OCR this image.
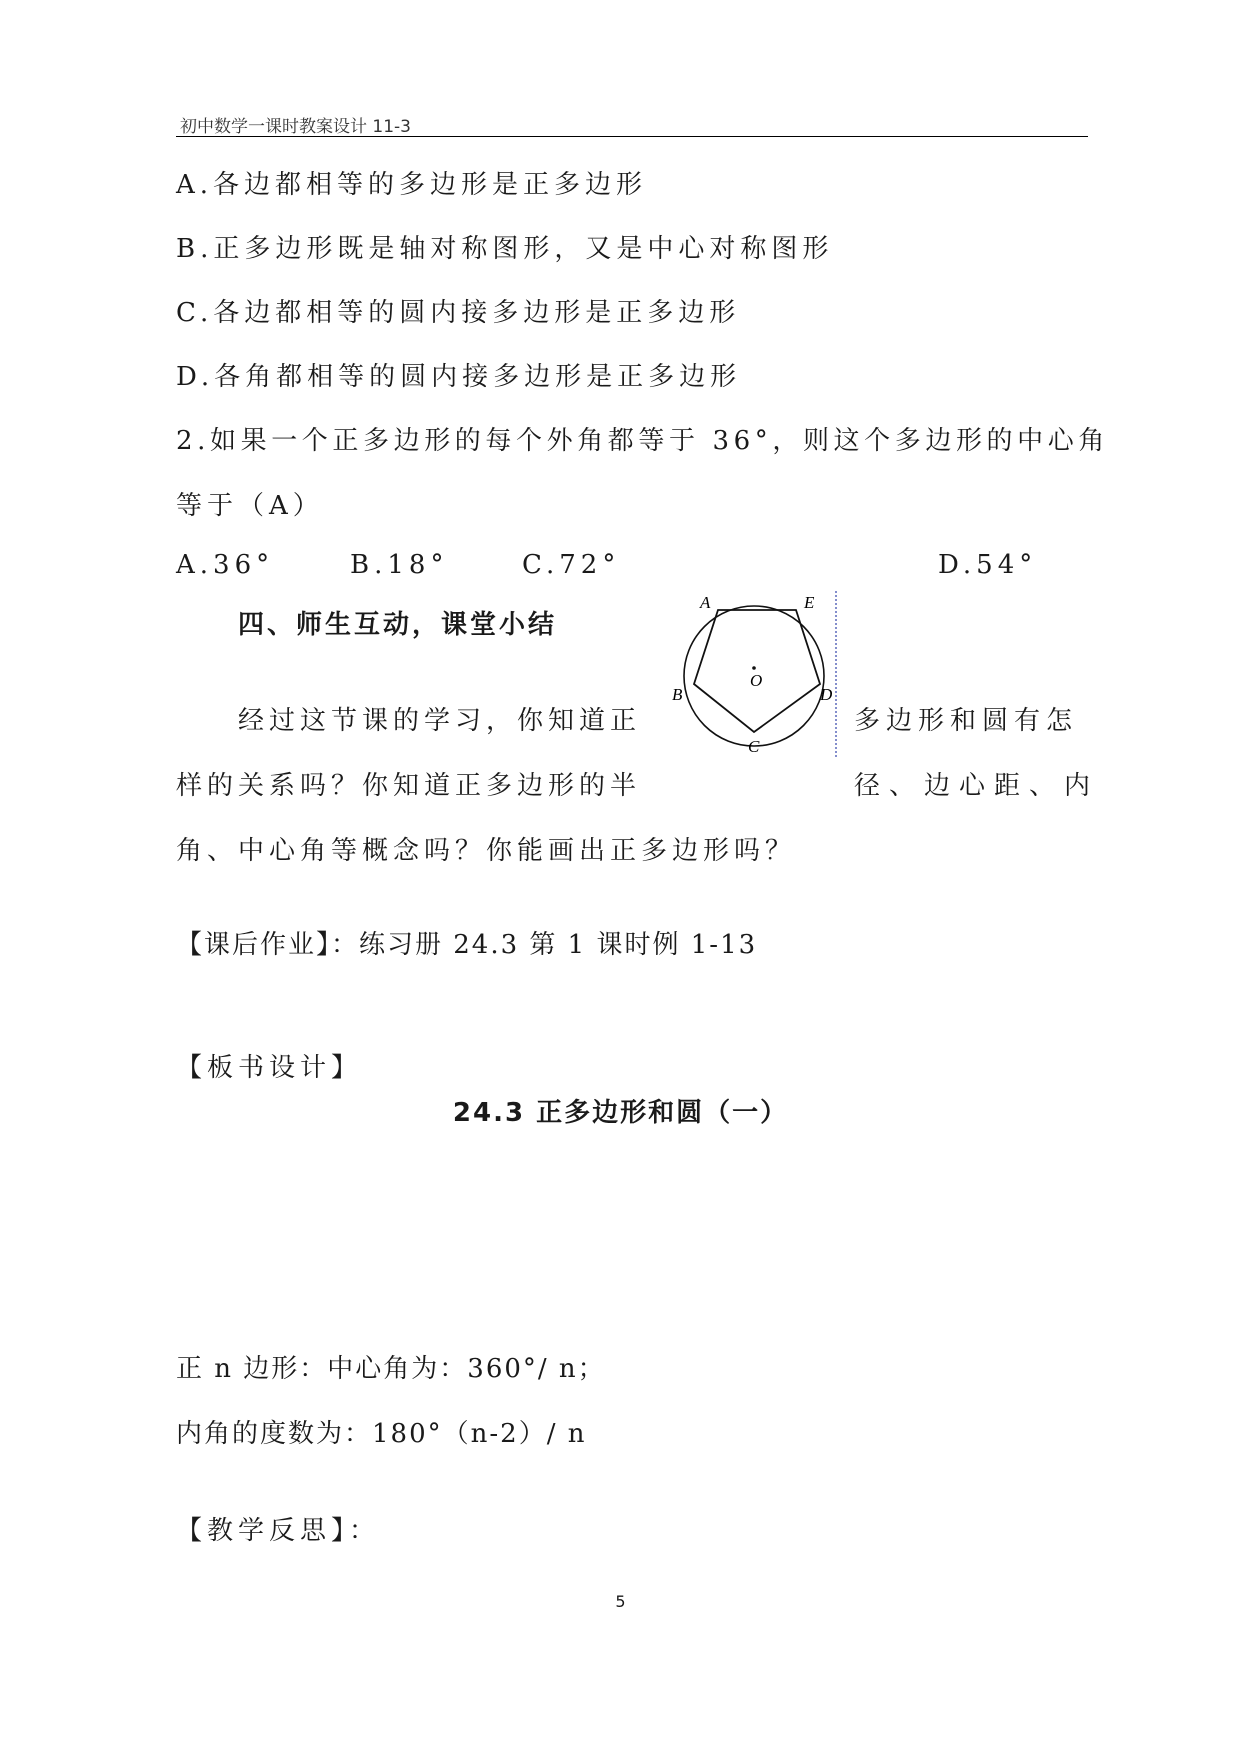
初中数学一课时教案设计 11-3
A.各边都相等的多边形是正多边形
B.正多边形既是轴对称图形，又是中心对称图形
C.各边都相等的圆内接多边形是正多边形
D.各角都相等的圆内接多边形是正多边形
2.如果一个正多边形的每个外角都等于 36°，则这个多边形的中心角
等于（A）
A.36°	B.18°	C.72°	D.54°
四、师生互动，课堂小结
经过这节课的学习，你知道正	多边形和圆有怎
样的关系吗？你知道正多边形的半	径、边心距、内
角、中心角等概念吗？你能画出正多边形吗？
A	E
B	D
C
O
【课后作业】：练习册 24.3 第 1 课时例 1-13
【板书设计】
24.3 正多边形和圆（一）
正 n 边形：中心角为：360°/ n；
内角的度数为：180°（n-2）/ n
【教学反思】：
5
